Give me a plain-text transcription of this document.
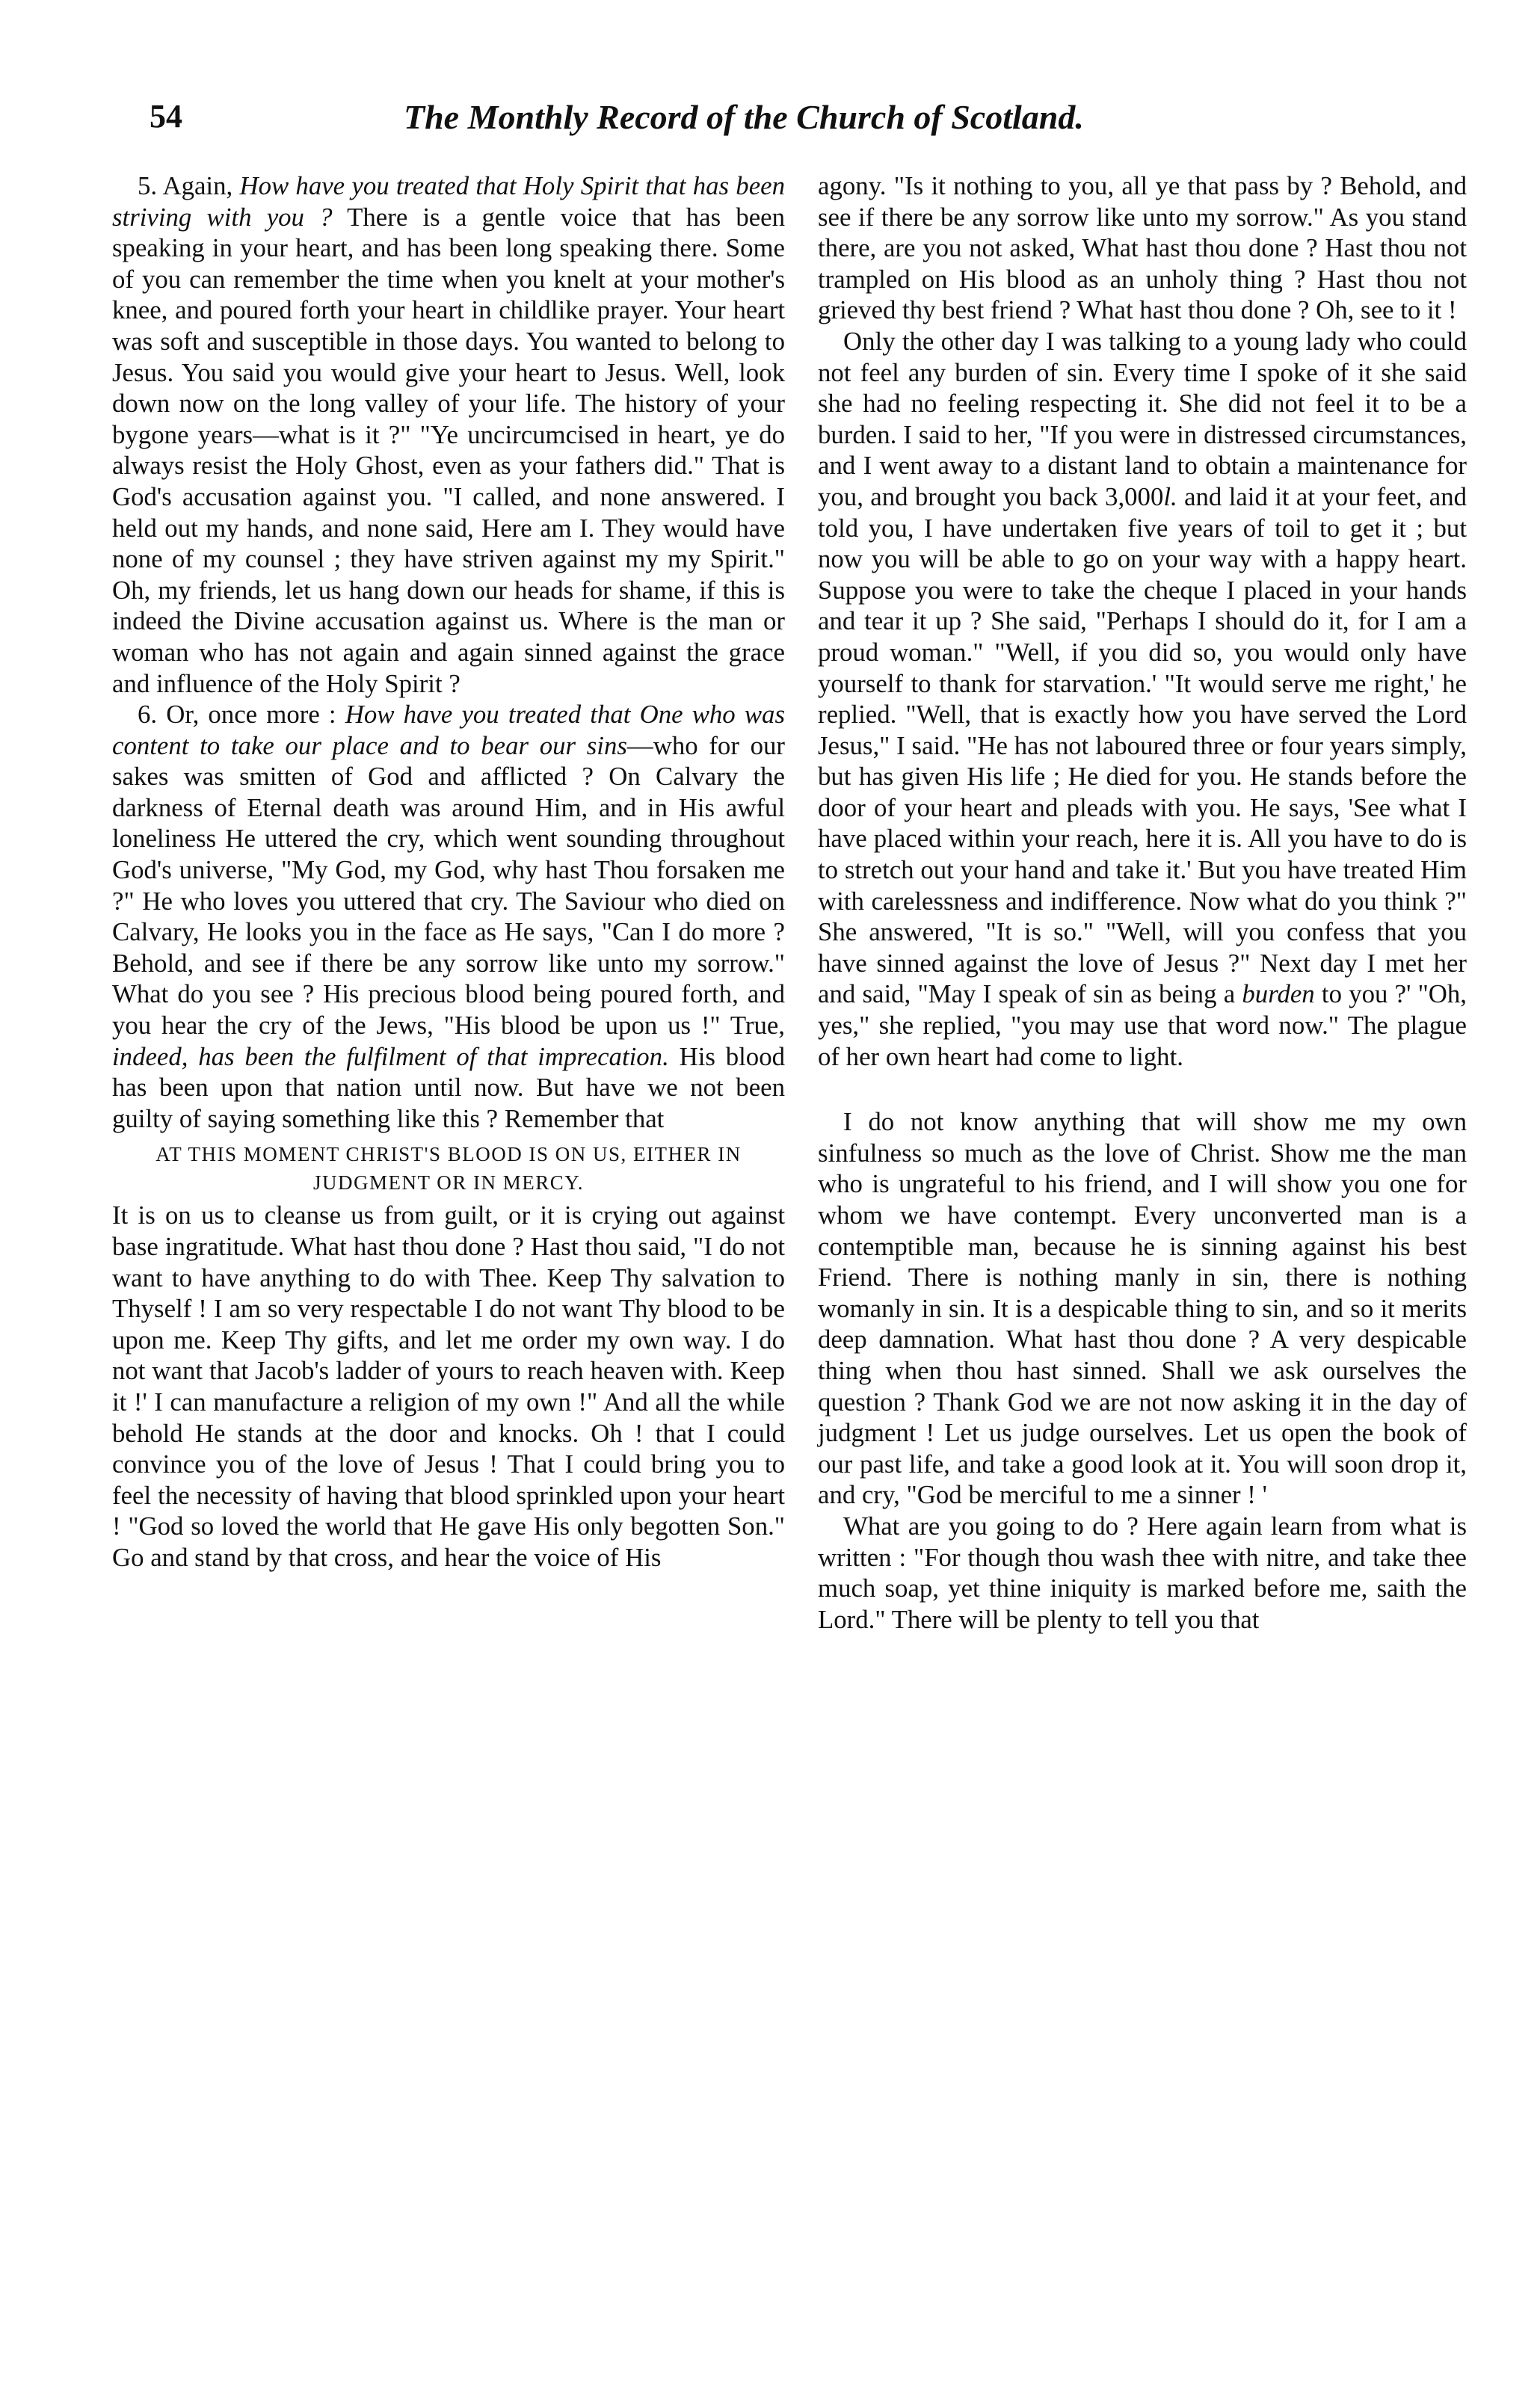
54	The Monthly Record of the Church of Scotland.

5. Again, How have you treated that Holy Spirit that has been striving with you ? There is a gentle voice that has been speaking in your heart, and has been long speaking there. Some of you can remember the time when you knelt at your mother's knee, and poured forth your heart in childlike prayer. Your heart was soft and susceptible in those days. You wanted to belong to Jesus. You said you would give your heart to Jesus. Well, look down now on the long valley of your life. The history of your bygone years—what is it ?" "Ye uncircumcised in heart, ye do always resist the Holy Ghost, even as your fathers did." That is God's accusation against you. "I called, and none answered. I held out my hands, and none said, Here am I. They would have none of my counsel ; they have striven against my my Spirit." Oh, my friends, let us hang down our heads for shame, if this is indeed the Divine accusation against us. Where is the man or woman who has not again and again sinned against the grace and influence of the Holy Spirit ?

6. Or, once more : How have you treated that One who was content to take our place and to bear our sins—who for our sakes was smitten of God and afflicted ? On Calvary the darkness of Eternal death was around Him, and in His awful loneliness He uttered the cry, which went sounding throughout God's universe, "My God, my God, why hast Thou forsaken me ?" He who loves you uttered that cry. The Saviour who died on Calvary, He looks you in the face as He says, "Can I do more ? Behold, and see if there be any sorrow like unto my sorrow." What do you see ? His precious blood being poured forth, and you hear the cry of the Jews, "His blood be upon us !" True, indeed, has been the fulfilment of that imprecation. His blood has been upon that nation until now. But have we not been guilty of saying something like this ? Remember that

AT THIS MOMENT CHRIST'S BLOOD IS ON US, EITHER IN JUDGMENT OR IN MERCY.

It is on us to cleanse us from guilt, or it is crying out against base ingratitude. What hast thou done ? Hast thou said, "I do not want to have anything to do with Thee. Keep Thy salvation to Thyself ! I am so very respectable I do not want Thy blood to be upon me. Keep Thy gifts, and let me order my own way. I do not want that Jacob's ladder of yours to reach heaven with. Keep it !' I can manufacture a religion of my own !" And all the while behold He stands at the door and knocks. Oh ! that I could convince you of the love of Jesus ! That I could bring you to feel the necessity of having that blood sprinkled upon your heart ! "God so loved the world that He gave His only begotten Son." Go and stand by that cross, and hear the voice of His

agony. "Is it nothing to you, all ye that pass by ? Behold, and see if there be any sorrow like unto my sorrow." As you stand there, are you not asked, What hast thou done ? Hast thou not trampled on His blood as an unholy thing ? Hast thou not grieved thy best friend ? What hast thou done ? Oh, see to it !

Only the other day I was talking to a young lady who could not feel any burden of sin. Every time I spoke of it she said she had no feeling respecting it. She did not feel it to be a burden. I said to her, "If you were in distressed circumstances, and I went away to a distant land to obtain a maintenance for you, and brought you back 3,000l. and laid it at your feet, and told you, I have undertaken five years of toil to get it ; but now you will be able to go on your way with a happy heart. Suppose you were to take the cheque I placed in your hands and tear it up ? She said, "Perhaps I should do it, for I am a proud woman." "Well, if you did so, you would only have yourself to thank for starvation.' "It would serve me right,' he replied. "Well, that is exactly how you have served the Lord Jesus," I said. "He has not laboured three or four years simply, but has given His life ; He died for you. He stands before the door of your heart and pleads with you. He says, 'See what I have placed within your reach, here it is. All you have to do is to stretch out your hand and take it.' But you have treated Him with carelessness and indifference. Now what do you think ?" She answered, "It is so." "Well, will you confess that you have sinned against the love of Jesus ?" Next day I met her and said, "May I speak of sin as being a burden to you ?' "Oh, yes," she replied, "you may use that word now." The plague of her own heart had come to light.

I do not know anything that will show me my own sinfulness so much as the love of Christ. Show me the man who is ungrateful to his friend, and I will show you one for whom we have contempt. Every unconverted man is a contemptible man, because he is sinning against his best Friend. There is nothing manly in sin, there is nothing womanly in sin. It is a despicable thing to sin, and so it merits deep damnation. What hast thou done ? A very despicable thing when thou hast sinned. Shall we ask ourselves the question ? Thank God we are not now asking it in the day of judgment ! Let us judge ourselves. Let us open the book of our past life, and take a good look at it. You will soon drop it, and cry, "God be merciful to me a sinner ! '

What are you going to do ? Here again learn from what is written : "For though thou wash thee with nitre, and take thee much soap, yet thine iniquity is marked before me, saith the Lord." There will be plenty to tell you that
